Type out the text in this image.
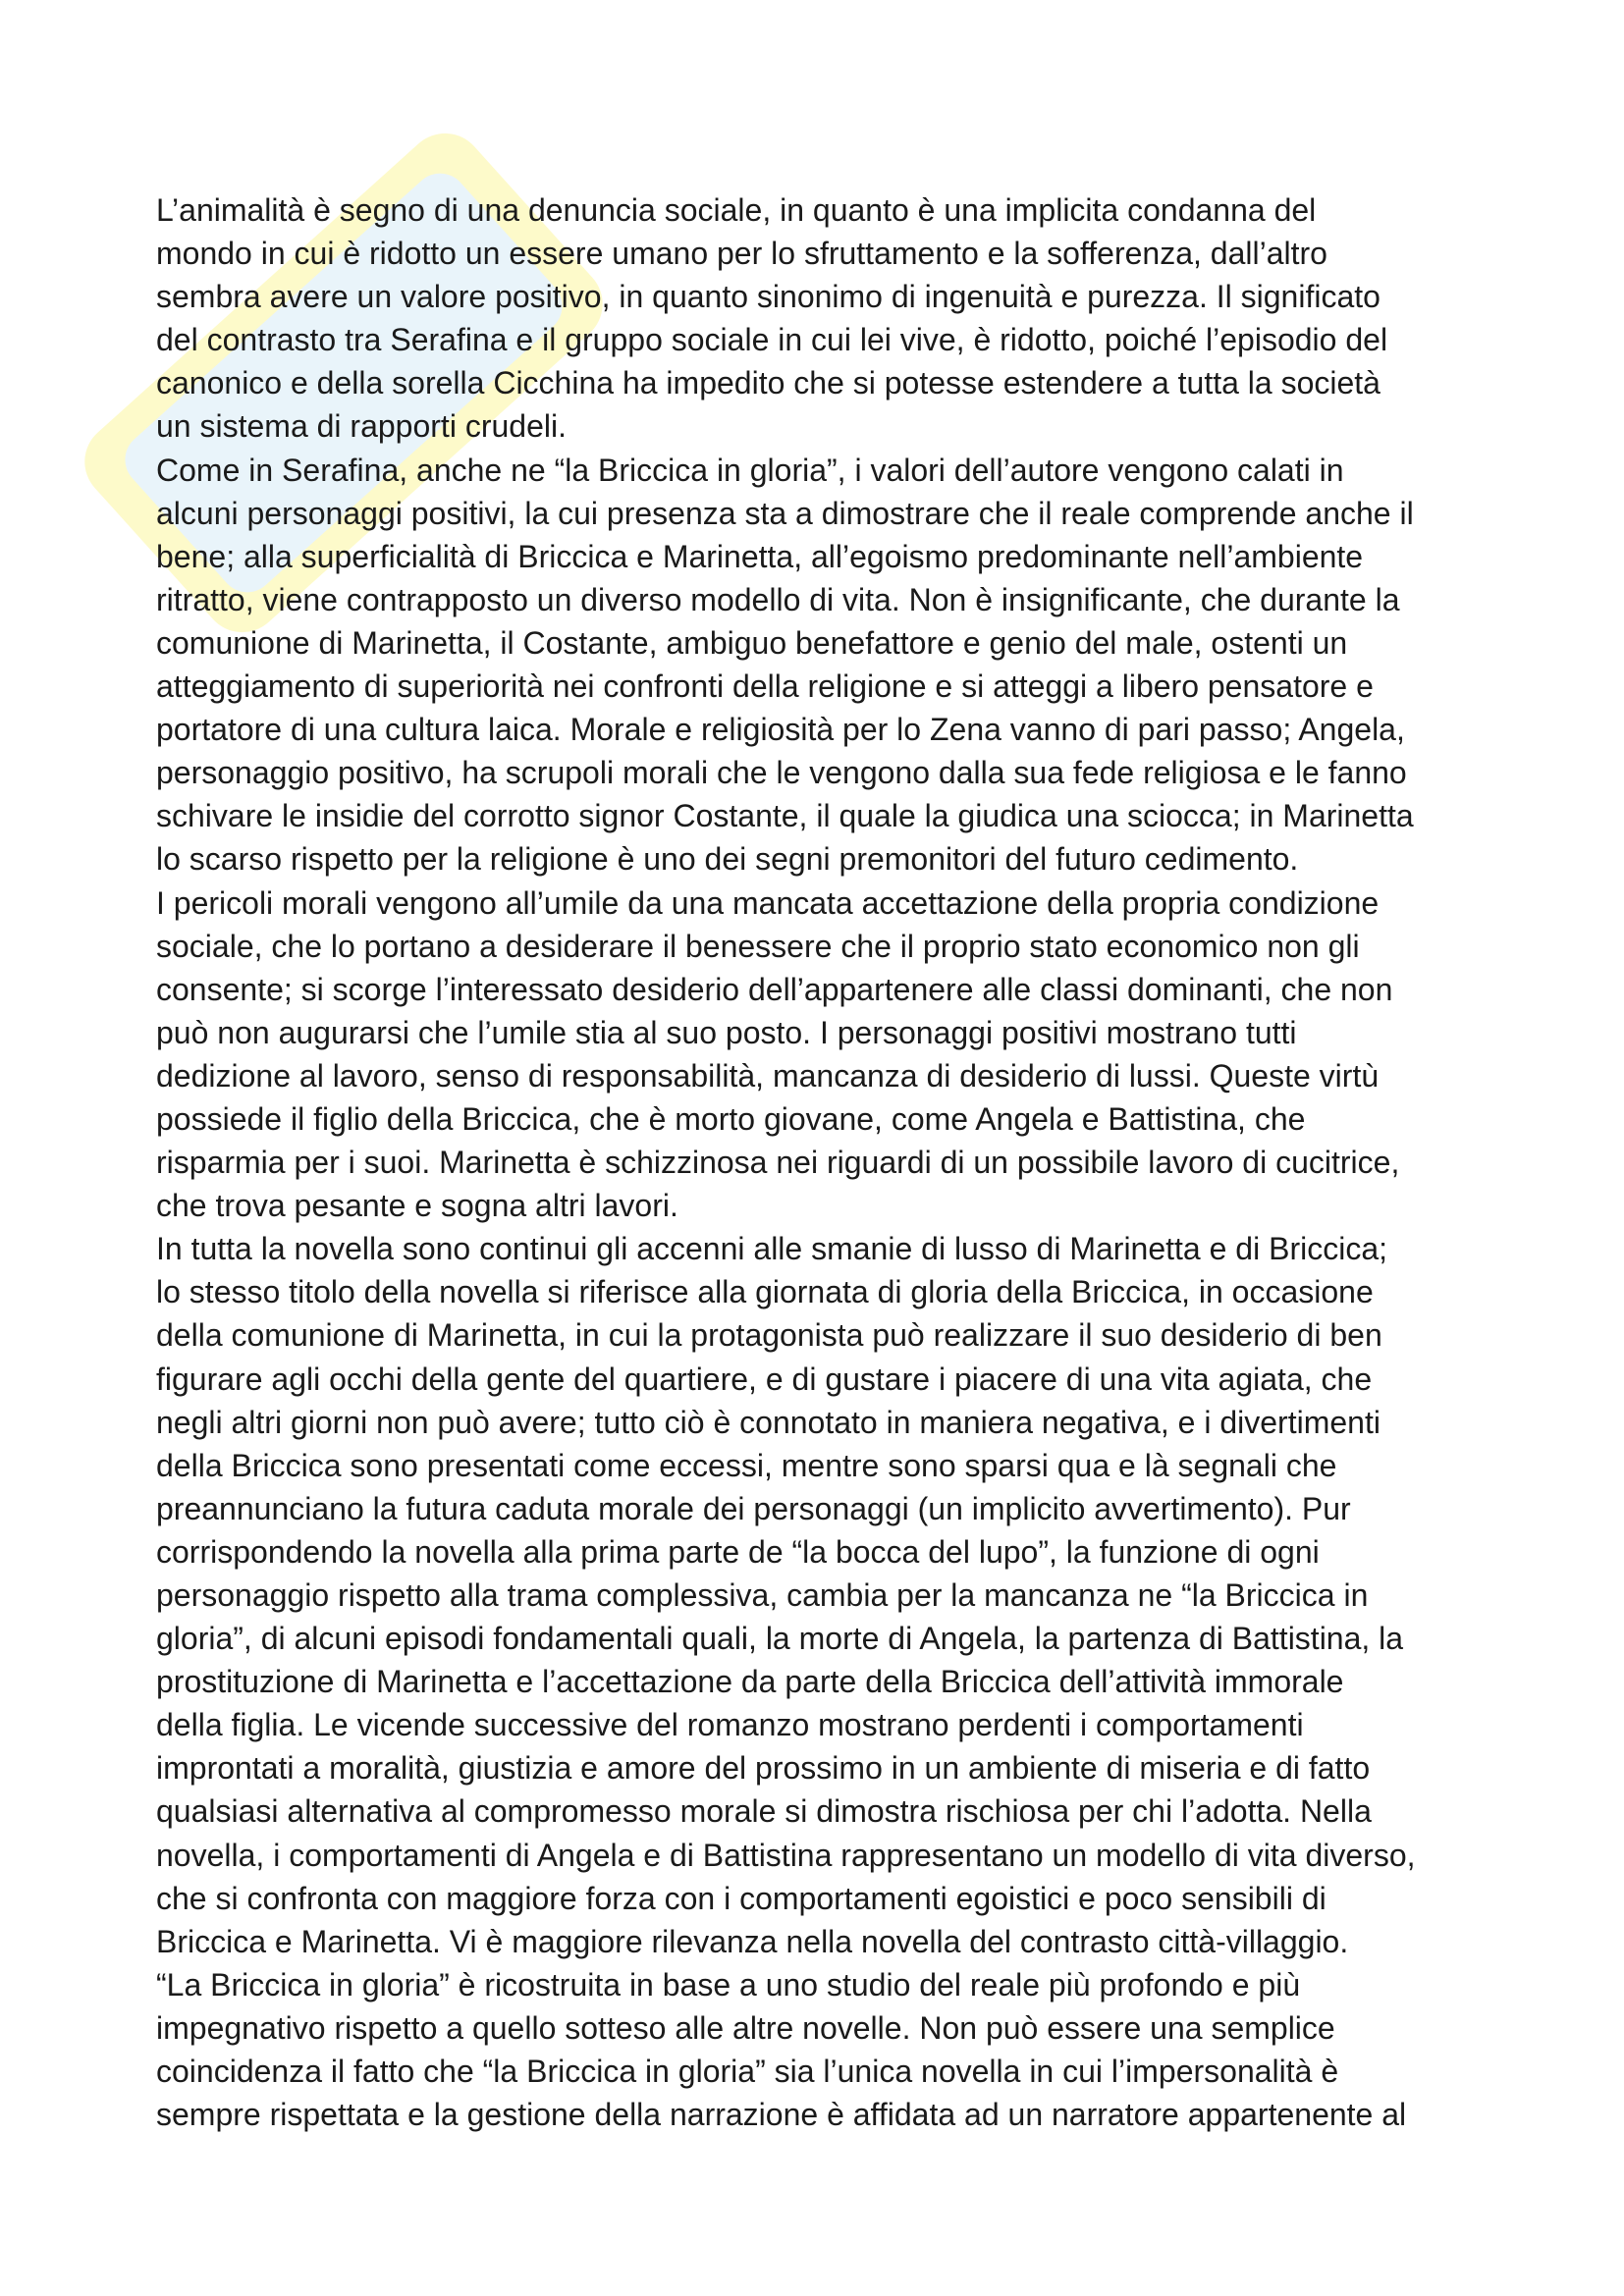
L’animalità è segno di una denuncia sociale, in quanto è una implicita condanna del
mondo in cui è ridotto un essere umano per lo sfruttamento e la sofferenza, dall’altro
sembra avere un valore positivo, in quanto sinonimo di ingenuità e purezza. Il significato
del contrasto tra Serafina e il gruppo sociale in cui lei vive, è ridotto, poiché l’episodio del
canonico e della sorella Cicchina ha impedito che si potesse estendere a tutta la società
un sistema di rapporti crudeli.

Come in Serafina, anche ne “la Briccica in gloria”, i valori dell’autore vengono calati in
alcuni personaggi positivi, la cui presenza sta a dimostrare che il reale comprende anche il
bene; alla superficialità di Briccica e Marinetta, all’egoismo predominante nell’ambiente
ritratto, viene contrapposto un diverso modello di vita. Non è insignificante, che durante la
comunione di Marinetta, il Costante, ambiguo benefattore e genio del male, ostenti un
atteggiamento di superiorità nei confronti della religione e si atteggi a libero pensatore e
portatore di una cultura laica. Morale e religiosità per lo Zena vanno di pari passo; Angela,
personaggio positivo, ha scrupoli morali che le vengono dalla sua fede religiosa e le fanno
schivare le insidie del corrotto signor Costante, il quale la giudica una sciocca; in Marinetta
lo scarso rispetto per la religione è uno dei segni premonitori del futuro cedimento.

I pericoli morali vengono all’umile da una mancata accettazione della propria condizione
sociale, che lo portano a desiderare il benessere che il proprio stato economico non gli
consente; si scorge l’interessato desiderio dell’appartenere alle classi dominanti, che non
può non augurarsi che l’umile stia al suo posto. I personaggi positivi mostrano tutti
dedizione al lavoro, senso di responsabilità, mancanza di desiderio di lussi. Queste virtù
possiede il figlio della Briccica, che è morto giovane, come Angela e Battistina, che
risparmia per i suoi. Marinetta è schizzinosa nei riguardi di un possibile lavoro di cucitrice,
che trova pesante e sogna altri lavori.

In tutta la novella sono continui gli accenni alle smanie di lusso di Marinetta e di Briccica;
lo stesso titolo della novella si riferisce alla giornata di gloria della Briccica, in occasione
della comunione di Marinetta, in cui la protagonista può realizzare il suo desiderio di ben
figurare agli occhi della gente del quartiere, e di gustare i piacere di una vita agiata, che
negli altri giorni non può avere; tutto ciò è connotato in maniera negativa, e i divertimenti
della Briccica sono presentati come eccessi, mentre sono sparsi qua e là segnali che
preannunciano la futura caduta morale dei personaggi (un implicito avvertimento). Pur
corrispondendo la novella alla prima parte de “la bocca del lupo”, la funzione di ogni
personaggio rispetto alla trama complessiva, cambia per la mancanza ne “la Briccica in
gloria”, di alcuni episodi fondamentali quali, la morte di Angela, la partenza di Battistina, la
prostituzione di Marinetta e l’accettazione da parte della Briccica dell’attività immorale
della figlia. Le vicende successive del romanzo mostrano perdenti i comportamenti
improntati a moralità, giustizia e amore del prossimo in un ambiente di miseria e di fatto
qualsiasi alternativa al compromesso morale si dimostra rischiosa per chi l’adotta. Nella
novella, i comportamenti di Angela e di Battistina rappresentano un modello di vita diverso,
che si confronta con maggiore forza con i comportamenti egoistici e poco sensibili di
Briccica e Marinetta. Vi è maggiore rilevanza nella novella del contrasto città-villaggio.

“La Briccica in gloria” è ricostruita in base a uno studio del reale più profondo e più
impegnativo rispetto a quello sotteso alle altre novelle. Non può essere una semplice
coincidenza il fatto che “la Briccica in gloria” sia l’unica novella in cui l’impersonalità è
sempre rispettata e la gestione della narrazione è affidata ad un narratore appartenente al
